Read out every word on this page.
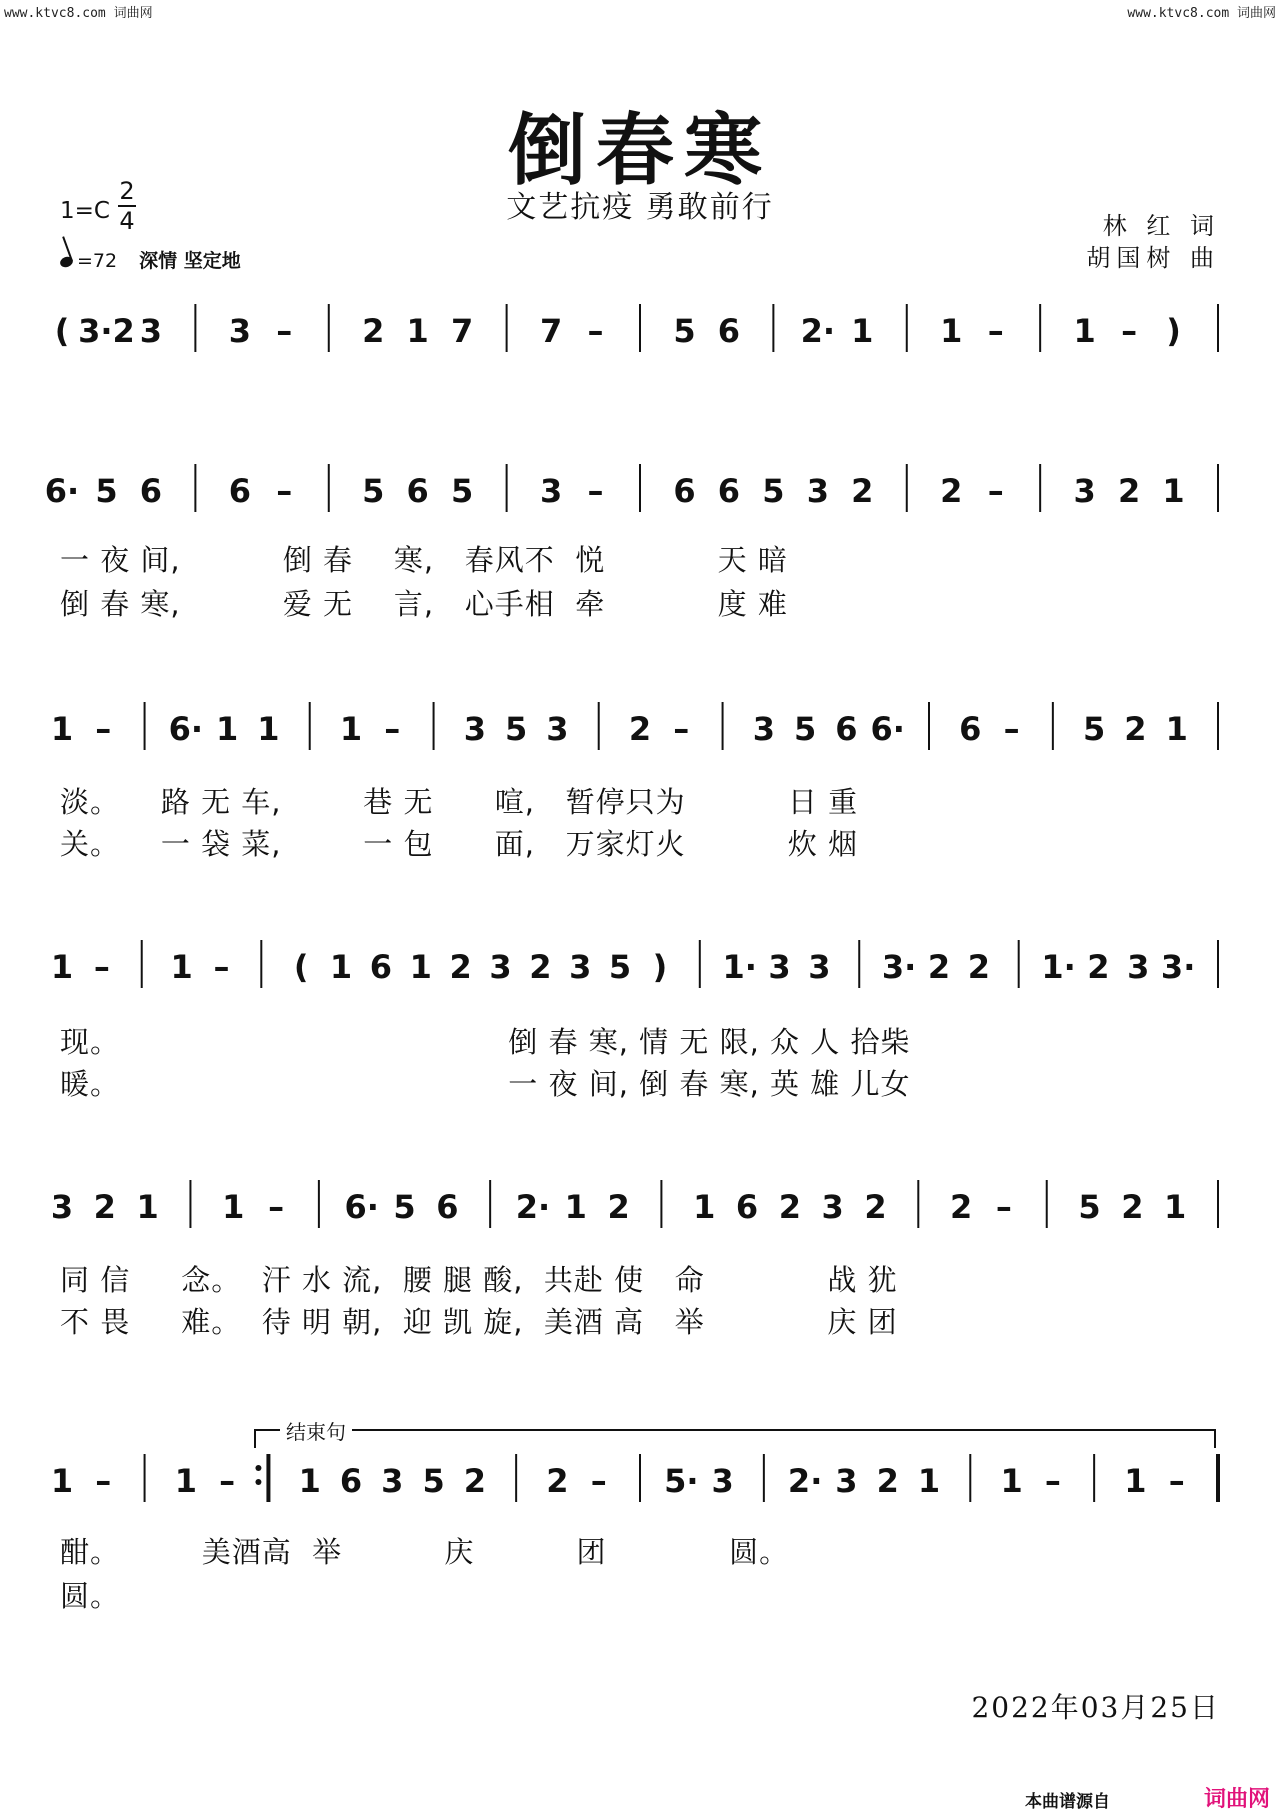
www.ktvc8.com 词曲网	www.ktvc8.com 词曲网
倒春寒
文艺抗疫 勇敢前行
1=C
2
4
=72 深情 坚定地
林 红 词
胡国树 曲
( 3·2 3 3 – 2 1 7 7 – 5 6 2· 1 1 – 1 – )
6· 5 6 6 – 5 6 5 3 – 6 6 5 3 2 2 – 3 2 1
1 – 6· 1 1 1 – 3 5 3 2 – 3 5 6 6· 6 – 5 2 1
1 – 1 – ( 1 6 1 2 3 2 3 5 ) 1· 3 3 3· 2 2 1· 2 3 3·
3 2 1 1 – 6· 5 6 2· 1 2 1 6 2 3 2 2 – 5 2 1
1 – 1 – 1 6 3 5 2 2 – 5· 3 2· 3 2 1 1 – 1 –
结束句
一 夜 间,          倒 春    寒,   春风不  悦           天 暗
倒 春 寒,          爱 无    言,   心手相  牵           度 难
淡。    路 无 车,        巷 无      喧,   暂停只为          日 重
关。    一 袋 菜,        一 包      面,   万家灯火          炊 烟
现。                                      倒 春 寒, 情 无 限, 众 人 拾柴
暖。                                      一 夜 间, 倒 春 寒, 英 雄 儿女
同 信     念。  汗 水 流,  腰 腿 酸,  共赴 使   命            战 犹
不 畏     难。  待 明 朝,  迎 凯 旋,  美酒 高   举            庆 团
酣。        美酒高  举          庆          团            圆。
圆。
2022年03月25日
本曲谱源自	词曲网
